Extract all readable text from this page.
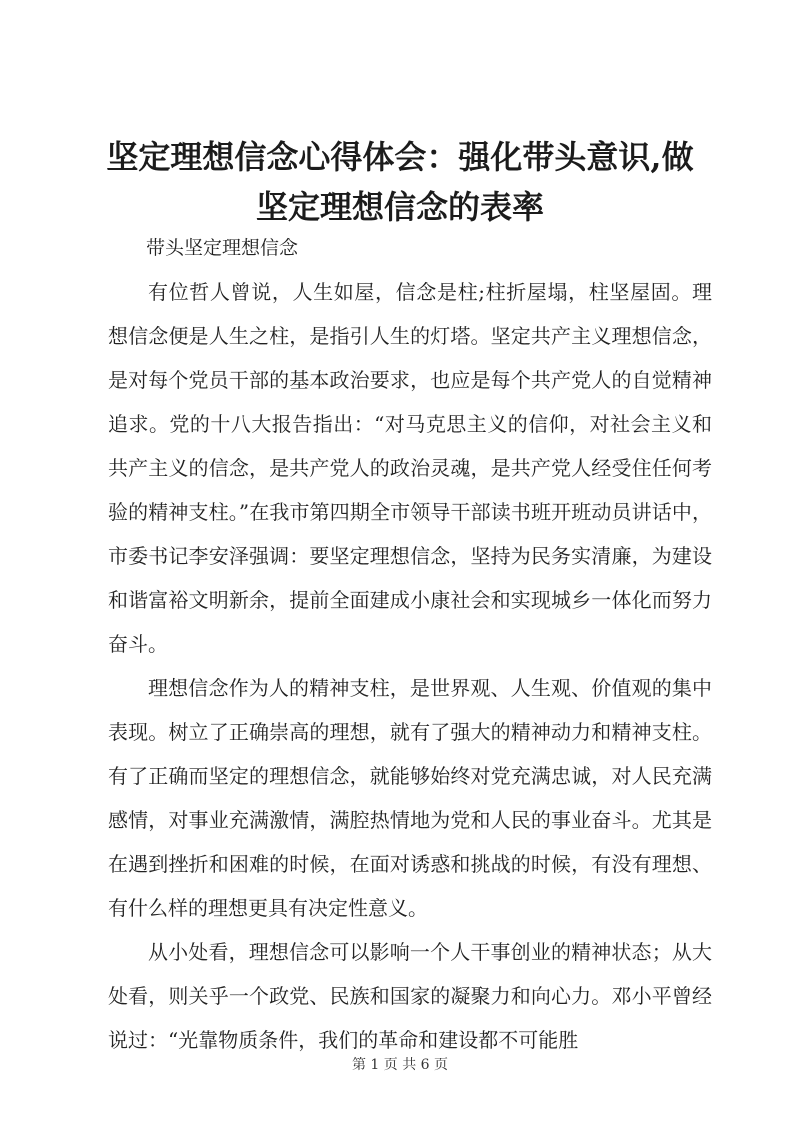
坚定理想信念心得体会：强化带头意识,做坚定理想信念的表率

带头坚定理想信念

有位哲人曾说，人生如屋，信念是柱;柱折屋塌，柱坚屋固。理想信念便是人生之柱，是指引人生的灯塔。坚定共产主义理想信念，是对每个党员干部的基本政治要求，也应是每个共产党人的自觉精神追求。党的十八大报告指出：“对马克思主义的信仰，对社会主义和共产主义的信念，是共产党人的政治灵魂，是共产党人经受住任何考验的精神支柱。”在我市第四期全市领导干部读书班开班动员讲话中，市委书记李安泽强调：要坚定理想信念，坚持为民务实清廉，为建设和谐富裕文明新余，提前全面建成小康社会和实现城乡一体化而努力奋斗。

理想信念作为人的精神支柱，是世界观、人生观、价值观的集中表现。树立了正确崇高的理想，就有了强大的精神动力和精神支柱。有了正确而坚定的理想信念，就能够始终对党充满忠诚，对人民充满感情，对事业充满激情，满腔热情地为党和人民的事业奋斗。尤其是在遇到挫折和困难的时候，在面对诱惑和挑战的时候，有没有理想、有什么样的理想更具有决定性意义。

从小处看，理想信念可以影响一个人干事创业的精神状态；从大处看，则关乎一个政党、民族和国家的凝聚力和向心力。邓小平曾经说过：“光靠物质条件，我们的革命和建设都不可能胜

第 1 页 共 6 页
